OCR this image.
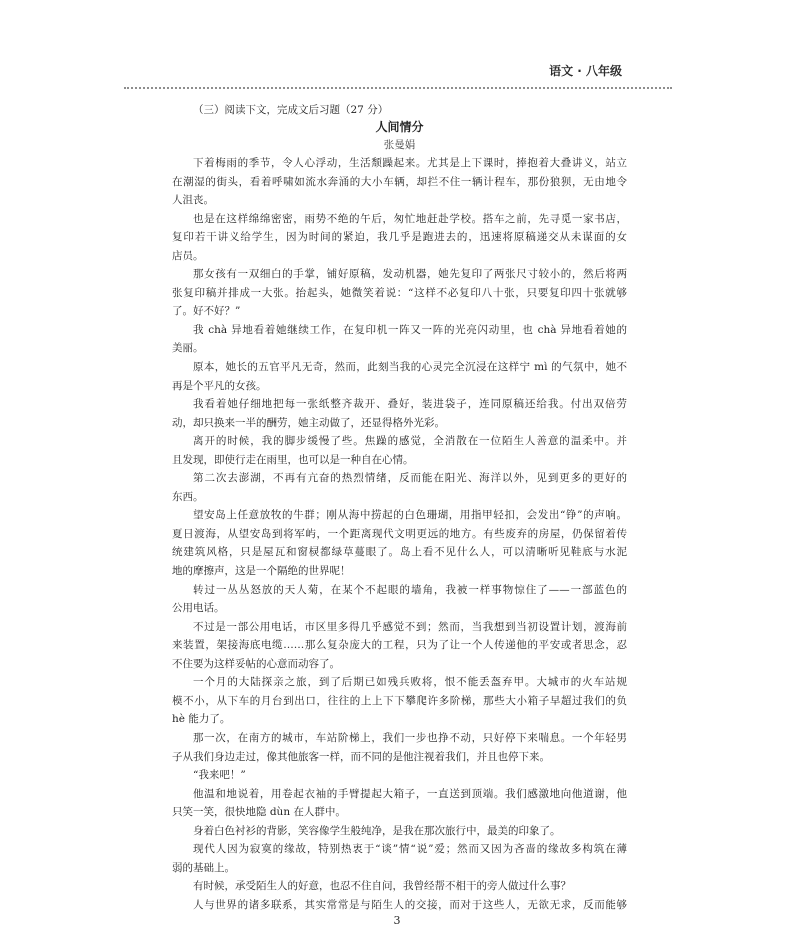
语文 · 八年级
（三）阅读下文，完成文后习题（27 分）
人间情分
张曼娟
下着梅雨的季节，令人心浮动，生活颓躁起来。尤其是上下课时，捧抱着大叠讲义，站立
在潮湿的街头，看着呼啸如流水奔涌的大小车辆，却拦不住一辆计程车，那份狼狈，无由地令
人沮丧。
也是在这样绵绵密密，雨势不绝的午后，匆忙地赶赴学校。搭车之前，先寻觅一家书店，
复印若干讲义给学生，因为时间的紧迫，我几乎是跑进去的，迅速将原稿递交从未谋面的女
店员。
那女孩有一双细白的手掌，铺好原稿，发动机器，她先复印了两张尺寸较小的，然后将两
张复印稿并排成一大张。抬起头，她微笑着说：“这样不必复印八十张，只要复印四十张就够
了。好不好？”
我 chà 异地看着她继续工作，在复印机一阵又一阵的光亮闪动里，也 chà 异地看着她的
美丽。
原本，她长的五官平凡无奇，然而，此刻当我的心灵完全沉浸在这样宁 mì 的气氛中，她不
再是个平凡的女孩。
我看着她仔细地把每一张纸整齐裁开、叠好，装进袋子，连同原稿还给我。付出双倍劳
动，却只换来一半的酬劳，她主动做了，还显得格外光彩。
离开的时候，我的脚步缓慢了些。焦躁的感觉，全消散在一位陌生人善意的温柔中。并
且发现，即使行走在雨里，也可以是一种自在心情。
第二次去澎湖，不再有亢奋的热烈情绪，反而能在阳光、海洋以外，见到更多的更好的
东西。
望安岛上任意放牧的牛群；刚从海中捞起的白色珊瑚，用指甲轻扣，会发出“铮”的声响。
夏日渡海，从望安岛到将军屿，一个距离现代文明更远的地方。有些废弃的房屋，仍保留着传
统建筑风格，只是屋瓦和窗棂都绿草蔓眼了。岛上看不见什么人，可以清晰听见鞋底与水泥
地的摩擦声，这是一个隔绝的世界呢！
转过一丛丛怒放的天人菊，在某个不起眼的墙角，我被一样事物惊住了——一部蓝色的
公用电话。
不过是一部公用电话，市区里多得几乎感觉不到；然而，当我想到当初设置计划，渡海前
来装置，架接海底电缆……那么复杂庞大的工程，只为了让一个人传递他的平安或者思念，忍
不住要为这样妥帖的心意而动容了。
一个月的大陆探亲之旅，到了后期已如残兵败将，恨不能丢盔弃甲。大城市的火车站规
模不小，从下车的月台到出口，往往的上上下下攀爬许多阶梯，那些大小箱子早超过我们的负
hè 能力了。
那一次，在南方的城市，车站阶梯上，我们一步也挣不动，只好停下来喘息。一个年轻男
子从我们身边走过，像其他旅客一样，而不同的是他注视着我们，并且也停下来。
“我来吧！”
他温和地说着，用卷起衣袖的手臂提起大箱子，一直送到顶端。我们感激地向他道谢，他
只笑一笑，很快地隐 dùn 在人群中。
身着白色衬衫的背影，笑容像学生般纯净，是我在那次旅行中，最美的印象了。
现代人因为寂寞的缘故，特别热衷于“谈”情“说”爱；然而又因为吝啬的缘故多构筑在薄
弱的基础上。
有时候，承受陌生人的好意，也忍不住自问，我曾经帮不相干的旁人做过什么事？
人与世界的诸多联系，其实常常是与陌生人的交接，而对于这些人，无欲无求，反而能够
3
